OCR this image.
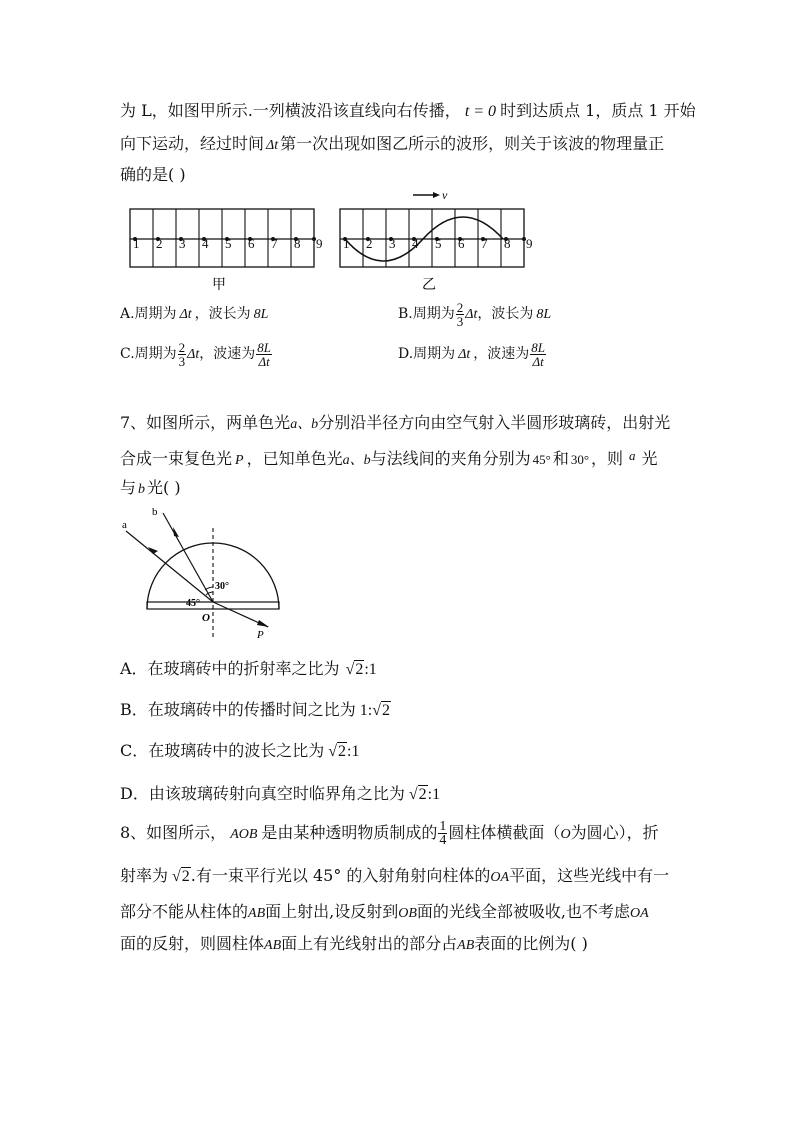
为 L，如图甲所示.一列横波沿该直线向右传播， t = 0 时到达质点 1，质点 1 开始
向下运动，经过时间 Δt 第一次出现如图乙所示的波形，则关于该波的物理量正
确的是( )
1 2 3 4 5 6 7 8 9
甲
v
1 2 3 4 5 6 7 8 9
乙
A.周期为 Δt ，波长为 8L	B.周期为 $\frac{2}{3}$ Δt，波长为 8L
C.周期为 $\frac{2}{3}$ Δt，波速为 $\frac{8L}{\Delta t}$	D.周期为 Δt ，波速为 $\frac{8L}{\Delta t}$
7、如图所示，两单色光a、b分别沿半径方向由空气射入半圆形玻璃砖，出射光
合成一束复色光 P ，已知单色光a、b与法线间的夹角分别为 45° 和 30° ，则 $^a$ 光
与 b 光( )
a
b
30°
45°
O
P
A．在玻璃砖中的折射率之比为 √2:1
B．在玻璃砖中的传播时间之比为 1:√2
C．在玻璃砖中的波长之比为 √2:1
D．由该玻璃砖射向真空时临界角之比为 √2:1
8、如图所示， AOB 是由某种透明物质制成的 $\frac{1}{4}$ 圆柱体横截面（O为圆心），折
射率为 √2.有一束平行光以 45° 的入射角射向柱体的OA平面，这些光线中有一
部分不能从柱体的AB面上射出,设反射到OB面的光线全部被吸收,也不考虑OA
面的反射，则圆柱体AB面上有光线射出的部分占AB表面的比例为( )
